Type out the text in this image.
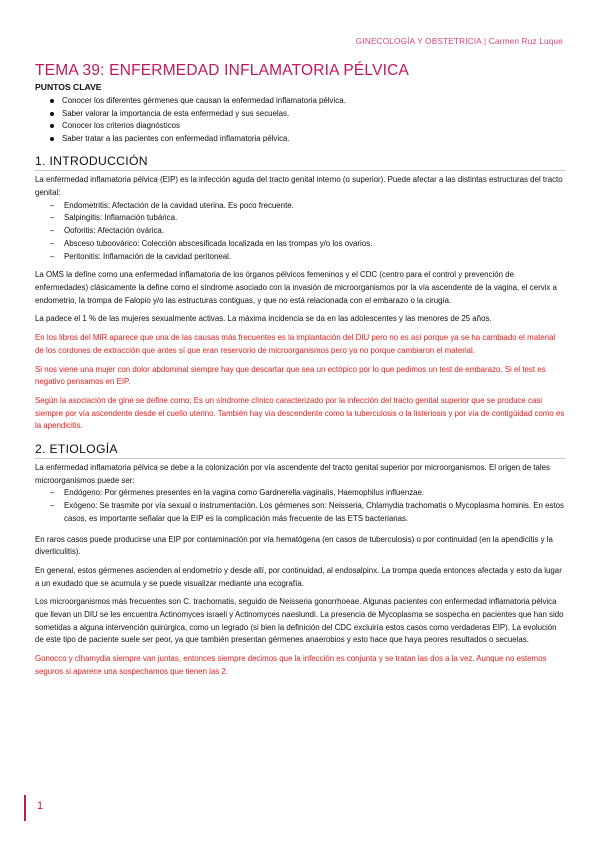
GINECOLOGÍA Y OBSTETRICIA | Carmen Ruz Luque
TEMA 39: ENFERMEDAD INFLAMATORIA PÉLVICA
PUNTOS CLAVE
Conocer los diferentes gérmenes que causan la enfermedad inflamatoria pélvica.
Saber valorar la importancia de esta enfermedad y sus secuelas.
Conocer los criterios diagnósticos
Saber tratar a las pacientes con enfermedad inflamatoria pélvica.
1. INTRODUCCIÓN

La enfermedad inflamatoria pélvica (EIP) es la infección aguda del tracto genital interno (o superior). Puede afectar a las distintas estructuras del tracto genital:

– Endometritis: Afectación de la cavidad uterina. Es poco frecuente.
– Salpingitis: Inflamación tubárica.
– Ooforitis: Afectación ovárica.
– Absceso tuboovárico: Colección abscesificada localizada en las trompas y/o los ovarios.
– Peritonitis: Inflamación de la cavidad peritoneal.

La OMS la define como una enfermedad inflamatoria de los órganos pélvicos femeninos y el CDC (centro para el control y prevención de enfermedades) clásicamente la define como el síndrome asociado con la invasión de microorganismos por la vía ascendente de la vagina, el cervix a endometrio, la trompa de Falopio y/o las estructuras contiguas, y que no está relacionada con el embarazo o la cirugía.

La padece el 1 % de las mujeres sexualmente activas. La máxima incidencia se da en las adolescentes y las menores de 25 años.

En los libros del MIR aparece que una de las causas más frecuentes es la implantación del DIU pero no es así porque ya se ha cambiado el material de los cordones de extracción que antes sí que eran reservorio de microorganismos pero ya no porque cambiaron el material.

Si nos viene una mujer con dolor abdominal siempre hay que descartar que sea un ectópico por lo que pedimos un test de embarazo. Si el test es negativo pensamos en EIP.

Según la asociación de gine se define como: Es un síndrome clínico caracterizado por la infección del tracto genital superior que se produce casi siempre por vía ascendente desde el cuello uterino. También hay vía descendente como la tuberculosis o la listeriosis y por vía de contigüidad como es la apendicitis.

2. ETIOLOGÍA

La enfermedad inflamatoria pélvica se debe a la colonización por vía ascendente del tracto genital superior por microorganismos. El origen de tales microorganismos puede ser:

– Endógeno: Por gérmenes presentes en la vagina como Gardnerella vaginalis, Haemophilus influenzae.
– Exógeno: Se trasmite por vía sexual o instrumentación. Los gérmenes son: Neisseria, Chlamydia trachomatis o Mycoplasma hominis. En estos casos, es importante señalar que la EIP es la complicación más frecuente de las ETS bacterianas.

En raros casos puede producirse una EIP por contaminación por vía hematógena (en casos de tuberculosis) o por continuidad (en la apendicitis y la diverticulitis).

En general, estos gérmenes ascienden al endometrio y desde allí, por continuidad, al endosalpinx. La trompa queda entonces afectada y esto da lugar a un exudado que se acumula y se puede visualizar mediante una ecografía.

Los microorganismos más frecuentes son C. trachomatis, seguido de Neisseria gonorrhoeae. Algunas pacientes con enfermedad inflamatoria pélvica que llevan un DIU se les encuentra Actinomyces israeli y Actinomyces naeslundi. La presencia de Mycoplasma se sospecha en pacientes que han sido sometidas a alguna intervención quirúrgica, como un legrado (si bien la definición del CDC excluiría estos casos como verdaderas EIP). La evolución de este tipo de paciente suele ser peor, ya que también presentan gérmenes anaerobios y esto hace que haya peores resultados o secuelas.

Gonocco y clhamydia siempre van juntas, entonces siempre decimos que la infección es conjunta y se tratan las dos a la vez. Aunque no estemos seguros si aparece una sospechamos que tienen las 2.

1
